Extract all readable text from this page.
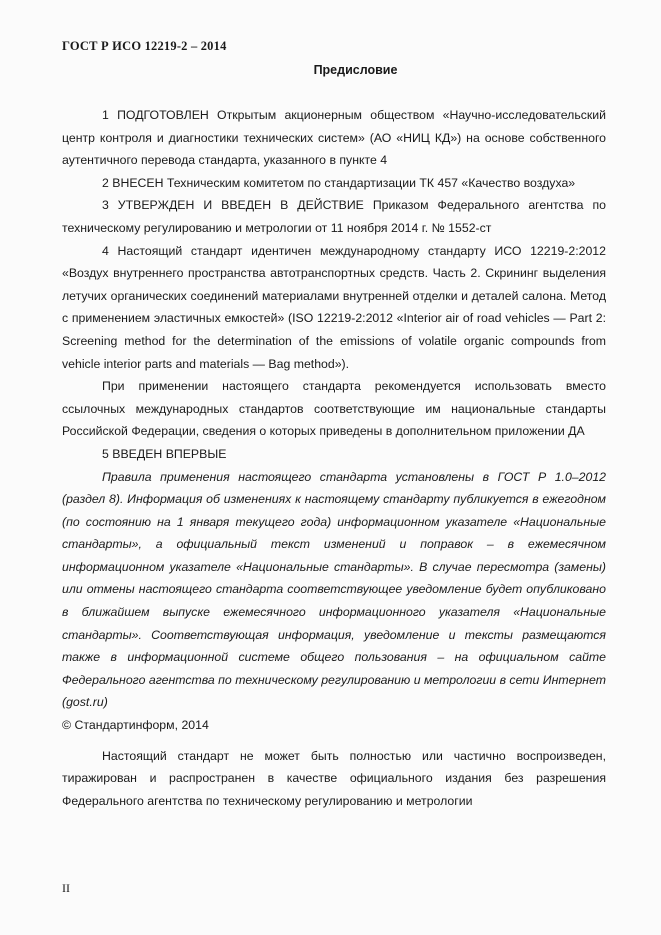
ГОСТ Р ИСО 12219-2 – 2014
Предисловие

1 ПОДГОТОВЛЕН Открытым акционерным обществом «Научно-исследовательский центр контроля и диагностики технических систем» (АО «НИЦ КД») на основе собственного аутентичного перевода стандарта, указанного в пункте 4

2 ВНЕСЕН Техническим комитетом по стандартизации ТК 457 «Качество воздуха»

3 УТВЕРЖДЕН И ВВЕДЕН В ДЕЙСТВИЕ Приказом Федерального агентства по техническому регулированию и метрологии от 11 ноября 2014 г. № 1552-ст

4 Настоящий стандарт идентичен международному стандарту ИСО 12219-2:2012 «Воздух внутреннего пространства автотранспортных средств. Часть 2. Скрининг выделения летучих органических соединений материалами внутренней отделки и деталей салона. Метод с применением эластичных емкостей» (ISO 12219-2:2012 «Interior air of road vehicles — Part 2: Screening method for the determination of the emissions of volatile organic compounds from vehicle interior parts and materials — Bag method»).

При применении настоящего стандарта рекомендуется использовать вместо ссылочных международных стандартов соответствующие им национальные стандарты Российской Федерации, сведения о которых приведены в дополнительном приложении ДА

5 ВВЕДЕН ВПЕРВЫЕ

Правила применения настоящего стандарта установлены в ГОСТ Р 1.0–2012 (раздел 8). Информация об изменениях к настоящему стандарту публикуется в ежегодном (по состоянию на 1 января текущего года) информационном указателе «Национальные стандарты», а официальный текст изменений и поправок – в ежемесячном информационном указателе «Национальные стандарты». В случае пересмотра (замены) или отмены настоящего стандарта соответствующее уведомление будет опубликовано в ближайшем выпуске ежемесячного информационного указателя «Национальные стандарты». Соответствующая информация, уведомление и тексты размещаются также в информационной системе общего пользования – на официальном сайте Федерального агентства по техническому регулированию и метрологии в сети Интернет (gost.ru)

© Стандартинформ, 2014

Настоящий стандарт не может быть полностью или частично воспроизведен, тиражирован и распространен в качестве официального издания без разрешения Федерального агентства по техническому регулированию и метрологии

II
